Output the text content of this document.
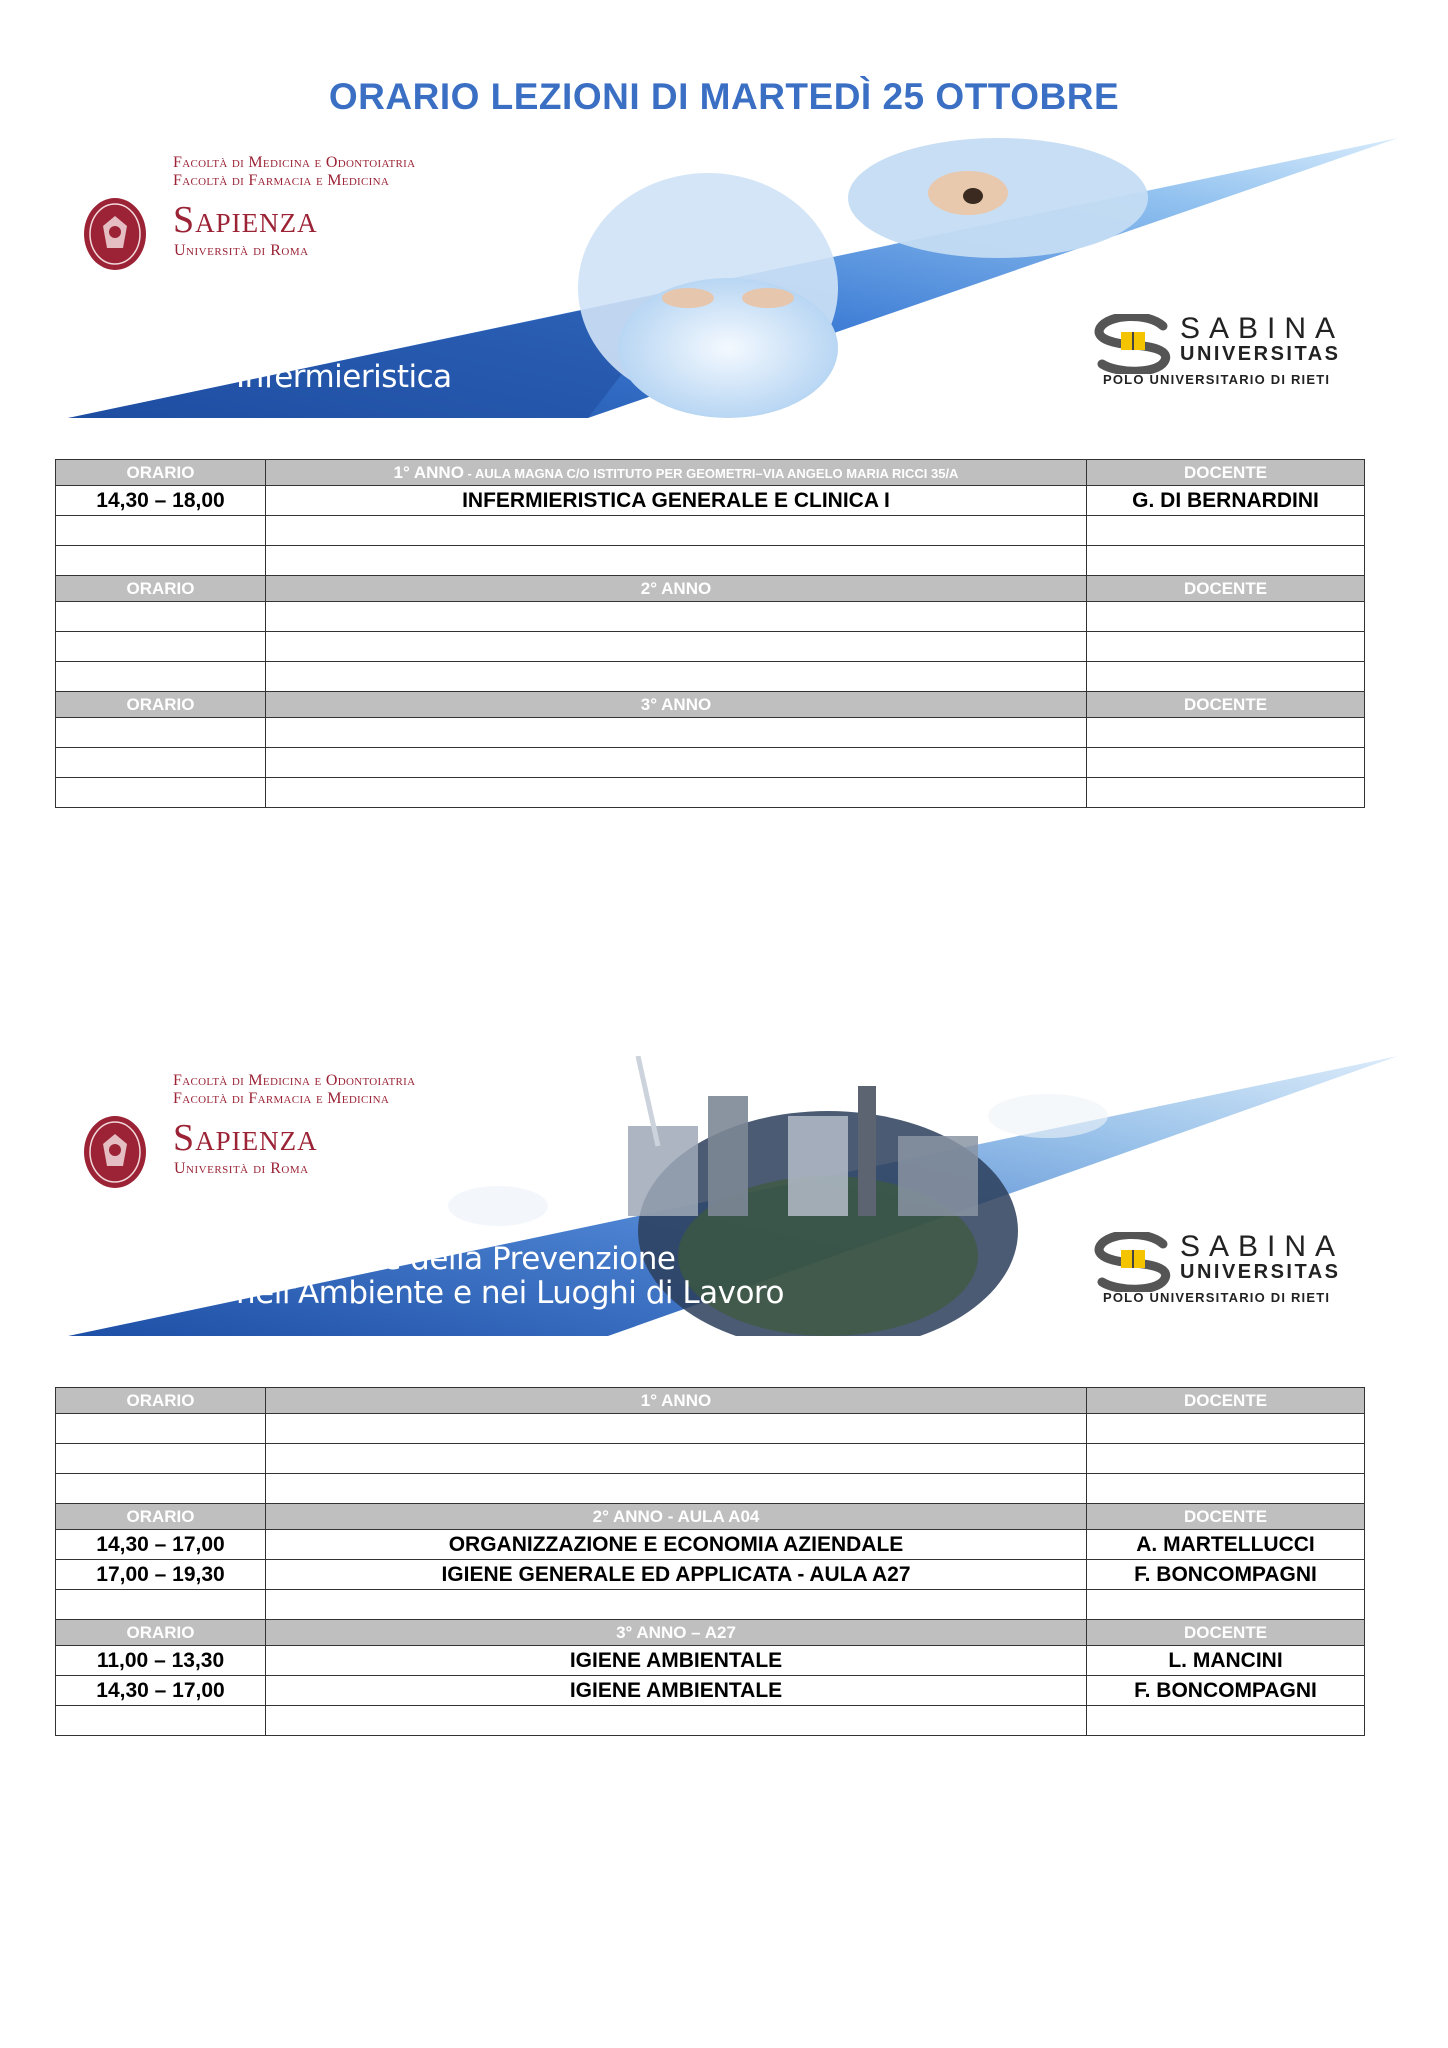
ORARIO LEZIONI DI MARTEDÌ 25 OTTOBRE
Facoltà di Medicina e Odontoiatria
Facoltà di Farmacia e Medicina
Sapienza
Università di Roma
Infermieristica
SABINA
UNIVERSITAS
POLO UNIVERSITARIO DI RIETI
ORARIO	1° ANNO - AULA MAGNA C/O ISTITUTO PER GEOMETRI–VIA ANGELO MARIA RICCI 35/A	DOCENTE
14,30 – 18,00	INFERMIERISTICA GENERALE E CLINICA I	G. DI BERNARDINI

ORARIO	2° ANNO	DOCENTE

ORARIO	3° ANNO	DOCENTE

Facoltà di Medicina e Odontoiatria
Facoltà di Farmacia e Medicina
Sapienza
Università di Roma
Tecniche della Prevenzione
nell'Ambiente e nei Luoghi di Lavoro
SABINA
UNIVERSITAS
POLO UNIVERSITARIO DI RIETI
ORARIO	1° ANNO	DOCENTE

ORARIO	2° ANNO - AULA A04	DOCENTE
14,30 – 17,00	ORGANIZZAZIONE E ECONOMIA AZIENDALE	A. MARTELLUCCI
17,00 – 19,30	IGIENE GENERALE ED APPLICATA - AULA A27	F. BONCOMPAGNI

ORARIO	3° ANNO – A27	DOCENTE
11,00 – 13,30	IGIENE AMBIENTALE	L. MANCINI
14,30 – 17,00	IGIENE AMBIENTALE	F. BONCOMPAGNI
